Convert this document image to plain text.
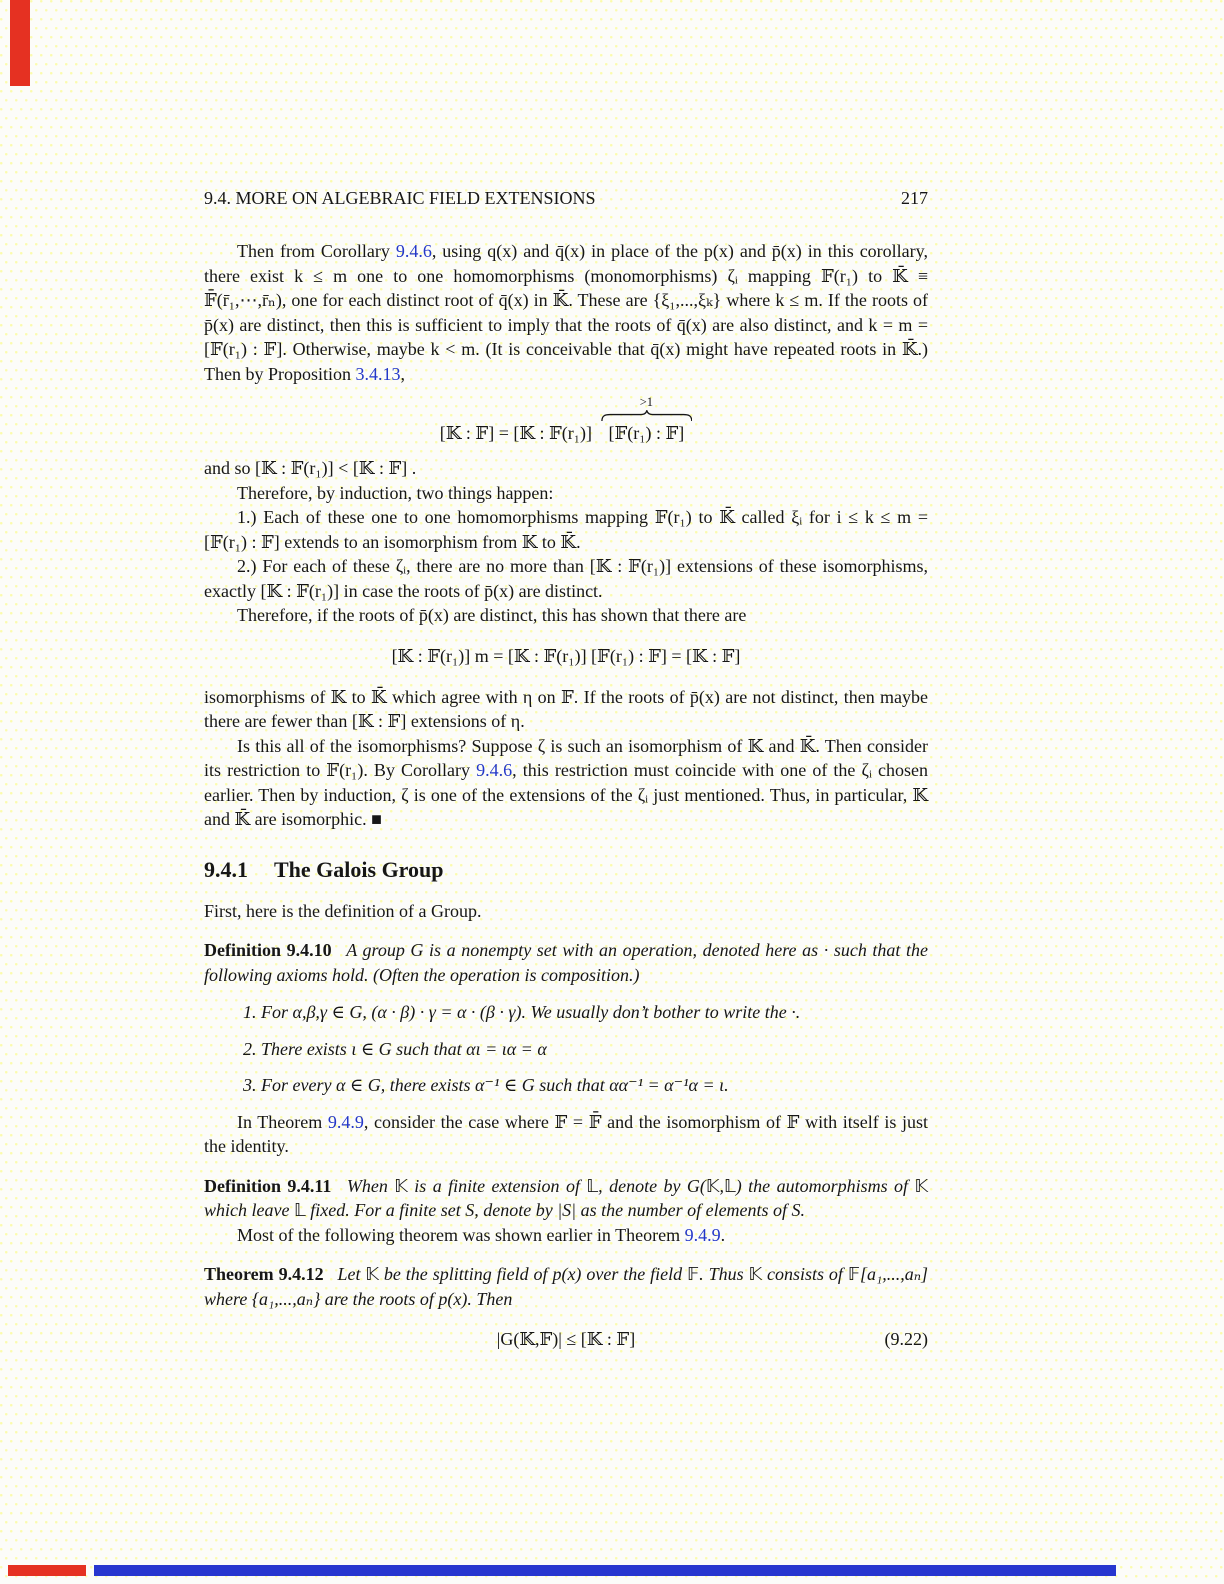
9.4. MORE ON ALGEBRAIC FIELD EXTENSIONS	217

Then from Corollary 9.4.6, using q(x) and q̄(x) in place of the p(x) and p̄(x) in this corollary, there exist k ≤ m one to one homomorphisms (monomorphisms) ζᵢ mapping 𝔽(r₁) to 𝕂̄ ≡ 𝔽̄(r̄₁,⋯,r̄ₙ), one for each distinct root of q̄(x) in 𝕂̄. These are {ξ₁,...,ξₖ} where k ≤ m. If the roots of p̄(x) are distinct, then this is sufficient to imply that the roots of q̄(x) are also distinct, and k = m = [𝔽(r₁) : 𝔽]. Otherwise, maybe k < m. (It is conceivable that q̄(x) might have repeated roots in 𝕂̄.) Then by Proposition 3.4.13,

[𝕂 : 𝔽] = [𝕂 : 𝔽(r₁)]
>1
[𝔽(r₁) : 𝔽]

and so [𝕂 : 𝔽(r₁)] < [𝕂 : 𝔽] .

Therefore, by induction, two things happen:

1.) Each of these one to one homomorphisms mapping 𝔽(r₁) to 𝕂̄ called ξᵢ for i ≤ k ≤ m = [𝔽(r₁) : 𝔽] extends to an isomorphism from 𝕂 to 𝕂̄.

2.) For each of these ζᵢ, there are no more than [𝕂 : 𝔽(r₁)] extensions of these isomorphisms, exactly [𝕂 : 𝔽(r₁)] in case the roots of p̄(x) are distinct.

Therefore, if the roots of p̄(x) are distinct, this has shown that there are

[𝕂 : 𝔽(r₁)] m = [𝕂 : 𝔽(r₁)] [𝔽(r₁) : 𝔽] = [𝕂 : 𝔽]

isomorphisms of 𝕂 to 𝕂̄ which agree with η on 𝔽. If the roots of p̄(x) are not distinct, then maybe there are fewer than [𝕂 : 𝔽] extensions of η.

Is this all of the isomorphisms? Suppose ζ is such an isomorphism of 𝕂 and 𝕂̄. Then consider its restriction to 𝔽(r₁). By Corollary 9.4.6, this restriction must coincide with one of the ζᵢ chosen earlier. Then by induction, ζ is one of the extensions of the ζᵢ just mentioned. Thus, in particular, 𝕂 and 𝕂̄ are isomorphic. ■

9.4.1 The Galois Group

First, here is the definition of a Group.

Definition 9.4.10 A group G is a nonempty set with an operation, denoted here as · such that the following axioms hold. (Often the operation is composition.)

1. For α,β,γ ∈ G, (α · β) · γ = α · (β · γ). We usually don’t bother to write the ·.
2. There exists ι ∈ G such that αι = ια = α
3. For every α ∈ G, there exists α⁻¹ ∈ G such that αα⁻¹ = α⁻¹α = ι.

In Theorem 9.4.9, consider the case where 𝔽 = 𝔽̄ and the isomorphism of 𝔽 with itself is just the identity.

Definition 9.4.11 When 𝕂 is a finite extension of 𝕃, denote by G(𝕂,𝕃) the automorphisms of 𝕂 which leave 𝕃 fixed. For a finite set S, denote by |S| as the number of elements of S.

Most of the following theorem was shown earlier in Theorem 9.4.9.

Theorem 9.4.12 Let 𝕂 be the splitting field of p(x) over the field 𝔽. Thus 𝕂 consists of 𝔽[a₁,...,aₙ] where {a₁,...,aₙ} are the roots of p(x). Then

|G(𝕂,𝔽)| ≤ [𝕂 : 𝔽]	(9.22)
